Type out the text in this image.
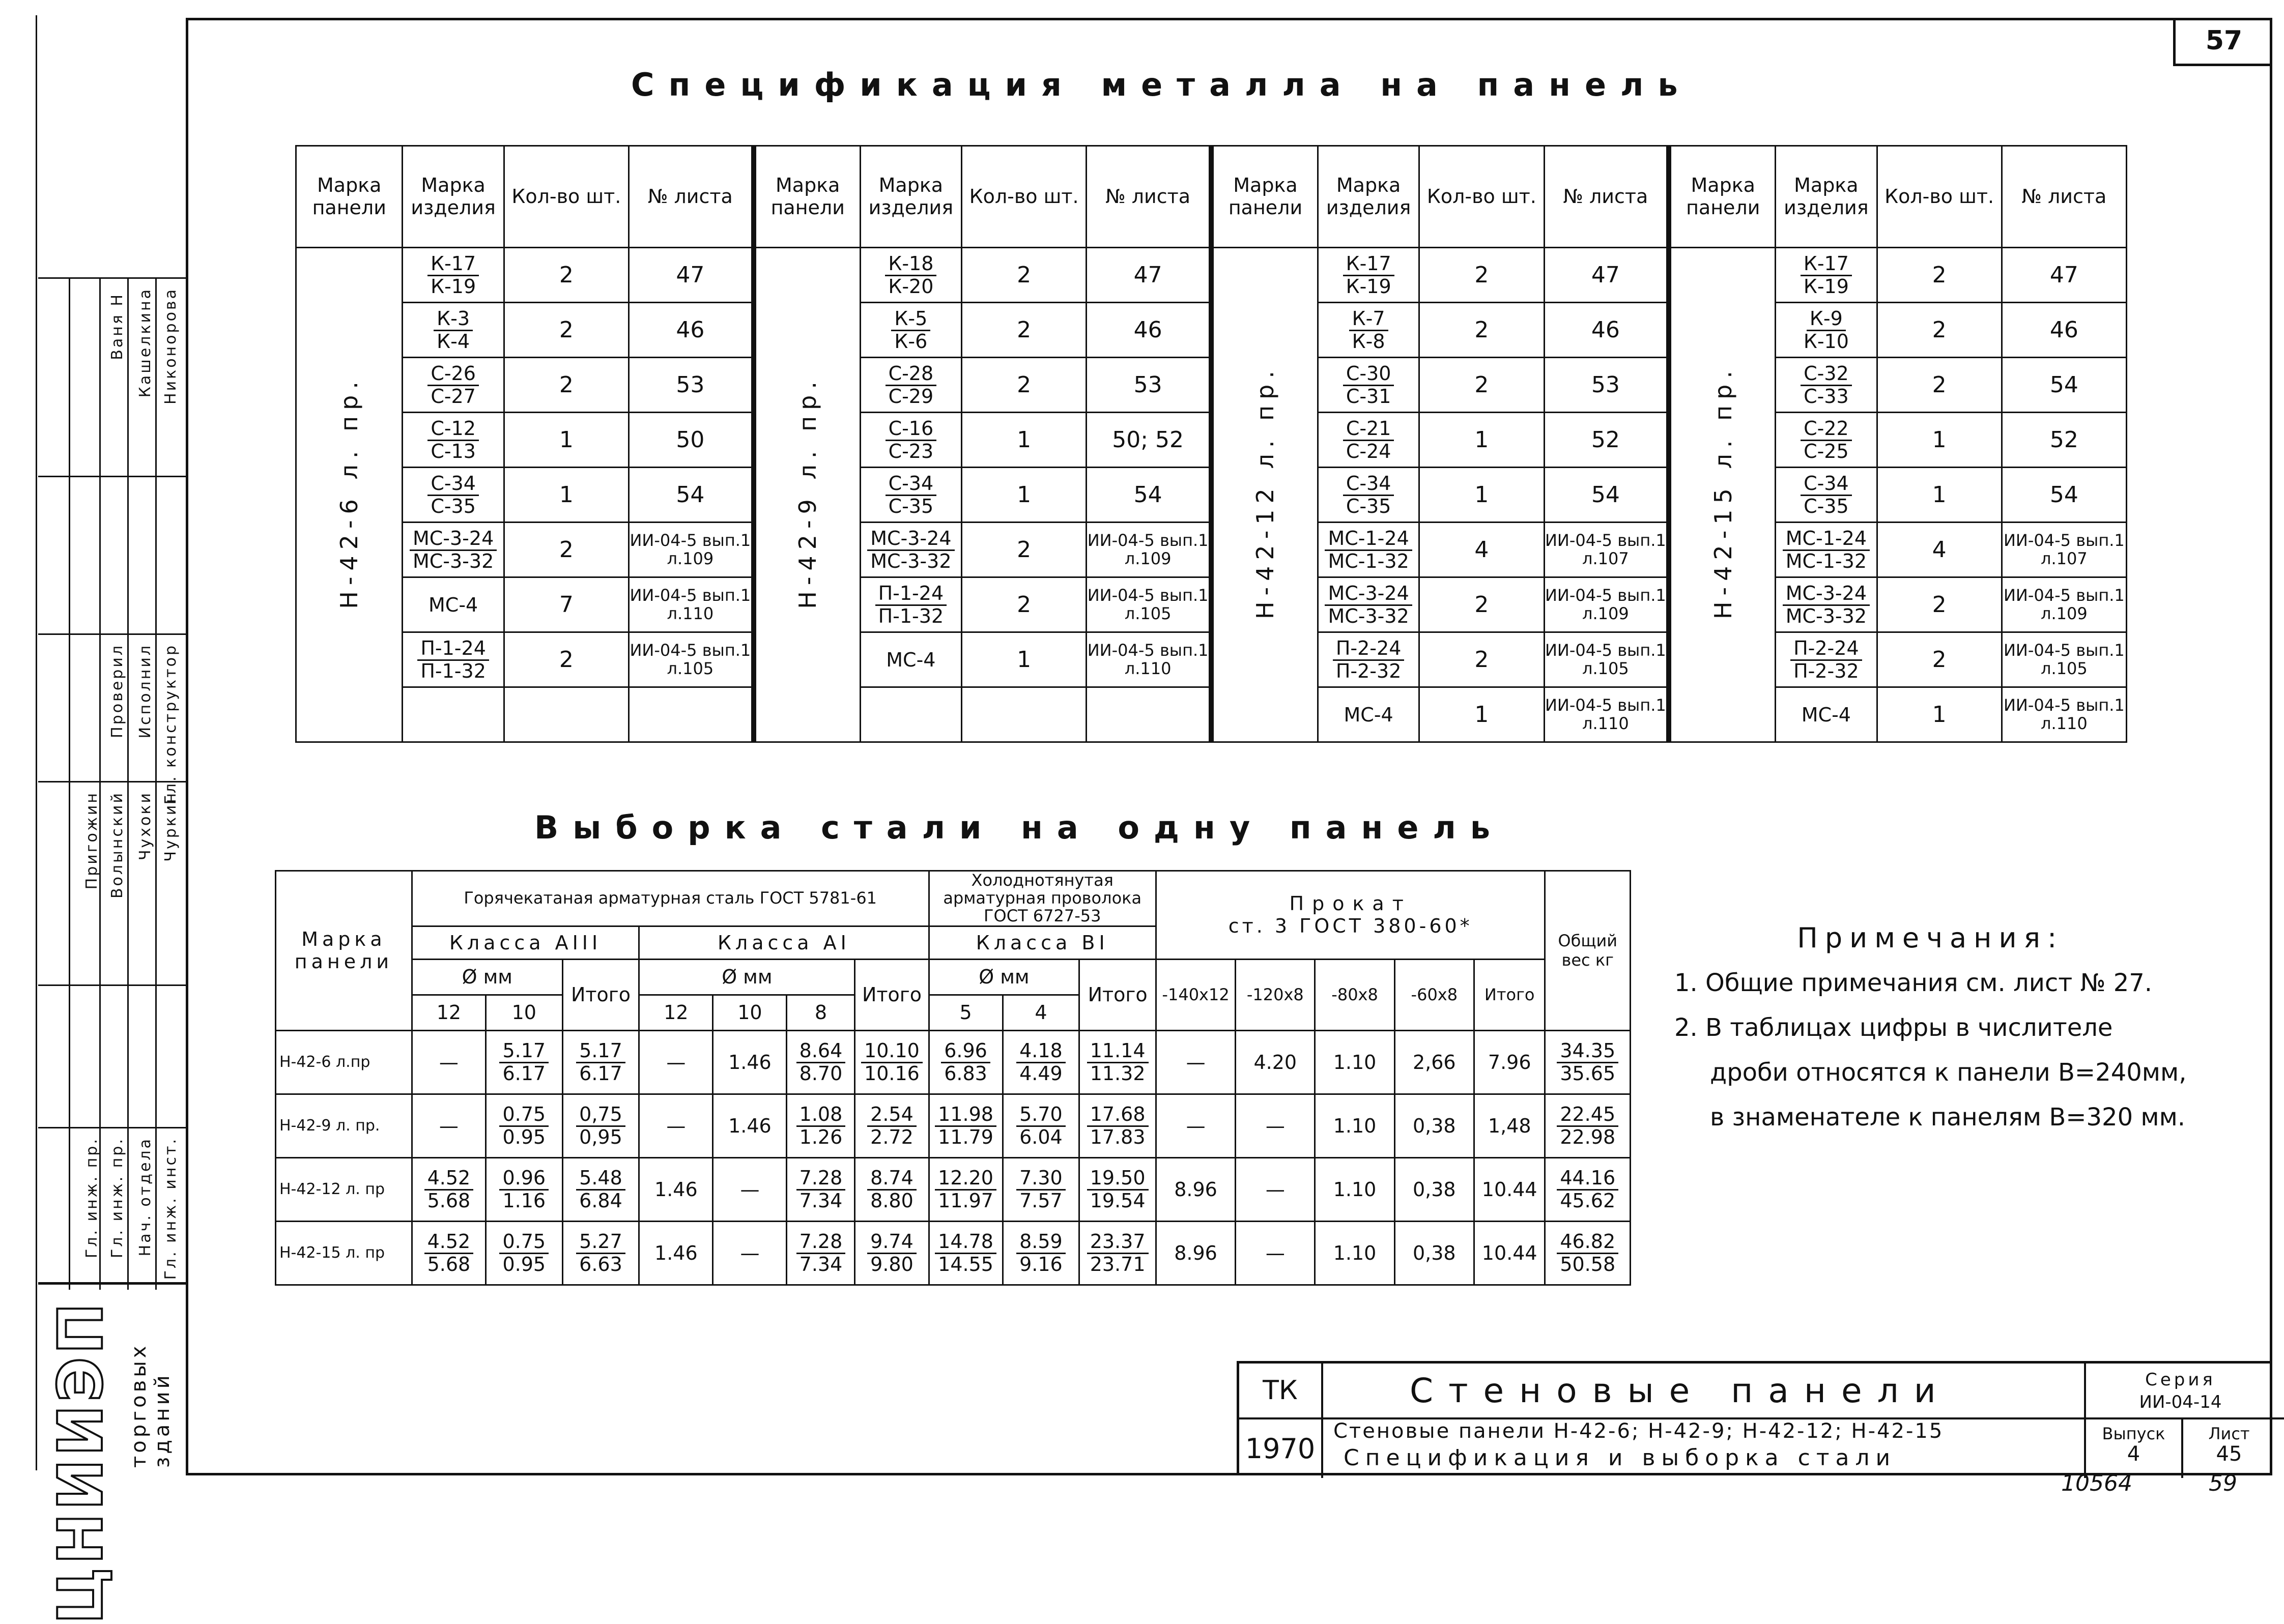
57
Спецификация металла на панель
Марка панели	Марка изделия	Кол-во шт.	№ листа	Марка панели	Марка изделия	Кол-во шт.	№ листа	Марка панели	Марка изделия	Кол-во шт.	№ листа	Марка панели	Марка изделия	Кол-во шт.	№ листа
Н-42-6 л. пр.	$\frac{К-17}{К-19}$	2	47	Н-42-9 л. пр.	$\frac{К-18}{К-20}$	2	47	Н-42-12 л. пр.	$\frac{К-17}{К-19}$	2	47	Н-42-15 л. пр.	$\frac{К-17}{К-19}$	2	47

	$\frac{К-3}{К-4}$	2	46		$\frac{К-5}{К-6}$	2	46		$\frac{К-7}{К-8}$	2	46		$\frac{К-9}{К-10}$	2	46

	$\frac{С-26}{С-27}$	2	53		$\frac{С-28}{С-29}$	2	53		$\frac{С-30}{С-31}$	2	53		$\frac{С-32}{С-33}$	2	54

	$\frac{С-12}{С-13}$	1	50		$\frac{С-16}{С-23}$	1	50; 52		$\frac{С-21}{С-24}$	1	52		$\frac{С-22}{С-25}$	1	52

	$\frac{С-34}{С-35}$	1	54		$\frac{С-34}{С-35}$	1	54		$\frac{С-34}{С-35}$	1	54		$\frac{С-34}{С-35}$	1	54

	$\frac{МС-3-24}{МС-3-32}$	2	ИИ-04-5 вып.1 л.109		$\frac{МС-3-24}{МС-3-32}$	2	ИИ-04-5 вып.1 л.109		$\frac{МС-1-24}{МС-1-32}$	4	ИИ-04-5 вып.1 л.107		$\frac{МС-1-24}{МС-1-32}$	4	ИИ-04-5 вып.1 л.107
	МС-4	7	ИИ-04-5 вып.1 л.110		$\frac{П-1-24}{П-1-32}$	2	ИИ-04-5 вып.1 л.105		$\frac{МС-3-24}{МС-3-32}$	2	ИИ-04-5 вып.1 л.109		$\frac{МС-3-24}{МС-3-32}$	2	ИИ-04-5 вып.1 л.109

	$\frac{П-1-24}{П-1-32}$	2	ИИ-04-5 вып.1 л.105		МС-4	1	ИИ-04-5 вып.1 л.110		$\frac{П-2-24}{П-2-32}$	2	ИИ-04-5 вып.1 л.105		$\frac{П-2-24}{П-2-32}$	2	ИИ-04-5 вып.1 л.105
									МС-4	1	ИИ-04-5 вып.1 л.110		МС-4	1	ИИ-04-5 вып.1 л.110
Выборка стали на одну панель
Марка панели	Горячекатаная арматурная сталь ГОСТ 5781-61							Холоднотянутая арматурная проволока ГОСТ 6727-53			Прокат
ст. 3 ГОСТ 380-60*					Общий вес кг
	Класса АIII			Класса АI				Класса ВI								
	Ø мм		Итого	Ø мм			Итого	Ø мм		Итого	-140х12	-120х8	-80х8	-60х8	Итого	
	12	10		12	10	8		5	4							
Н-42-6 л.пр	—	$\frac{5.17}{6.17}$	$\frac{5.17}{6.17}$	—	1.46	$\frac{8.64}{8.70}$	$\frac{10.10}{10.16}$	$\frac{6.96}{6.83}$	$\frac{4.18}{4.49}$	$\frac{11.14}{11.32}$	—	4.20	1.10	2,66	7.96	$\frac{34.35}{35.65}$

Н-42-9 л. пр.	—	$\frac{0.75}{0.95}$	$\frac{0,75}{0,95}$	—	1.46	$\frac{1.08}{1.26}$	$\frac{2.54}{2.72}$	$\frac{11.98}{11.79}$	$\frac{5.70}{6.04}$	$\frac{17.68}{17.83}$	—	—	1.10	0,38	1,48	$\frac{22.45}{22.98}$

Н-42-12 л. пр	$\frac{4.52}{5.68}$	$\frac{0.96}{1.16}$	$\frac{5.48}{6.84}$	1.46	—	$\frac{7.28}{7.34}$	$\frac{8.74}{8.80}$	$\frac{12.20}{11.97}$	$\frac{7.30}{7.57}$	$\frac{19.50}{19.54}$	8.96	—	1.10	0,38	10.44	$\frac{44.16}{45.62}$

Н-42-15 л. пр	$\frac{4.52}{5.68}$	$\frac{0.75}{0.95}$	$\frac{5.27}{6.63}$	1.46	—	$\frac{7.28}{7.34}$	$\frac{9.74}{9.80}$	$\frac{14.78}{14.55}$	$\frac{8.59}{9.16}$	$\frac{23.37}{23.71}$	8.96	—	1.10	0,38	10.44	$\frac{46.82}{50.58}$
Примечания:
1. Общие примечания см. лист № 27.
2. В таблицах цифры в числителе
дроби относятся к панели В=240мм,
в знаменателе к панелям В=320 мм.
ТК
1970
Стеновые панели
Стеновые панели Н-42-6; Н-42-9; Н-42-12; Н-42-15
Спецификация и выборка стали
Серия
ИИ-04-14
Выпуск
4
Лист
45
10564	59
Никонорова
Кашелкина
Ваня Н
Гл. конструктор
Исполнил
Проверил
Чуркин
Чухоки
Волынский
Пригожин
Гл. инж. инст.
Нач. отдела
Гл. инж. пр.
Гл. инж. пр.
ЦНИИЭП торговых зданий
